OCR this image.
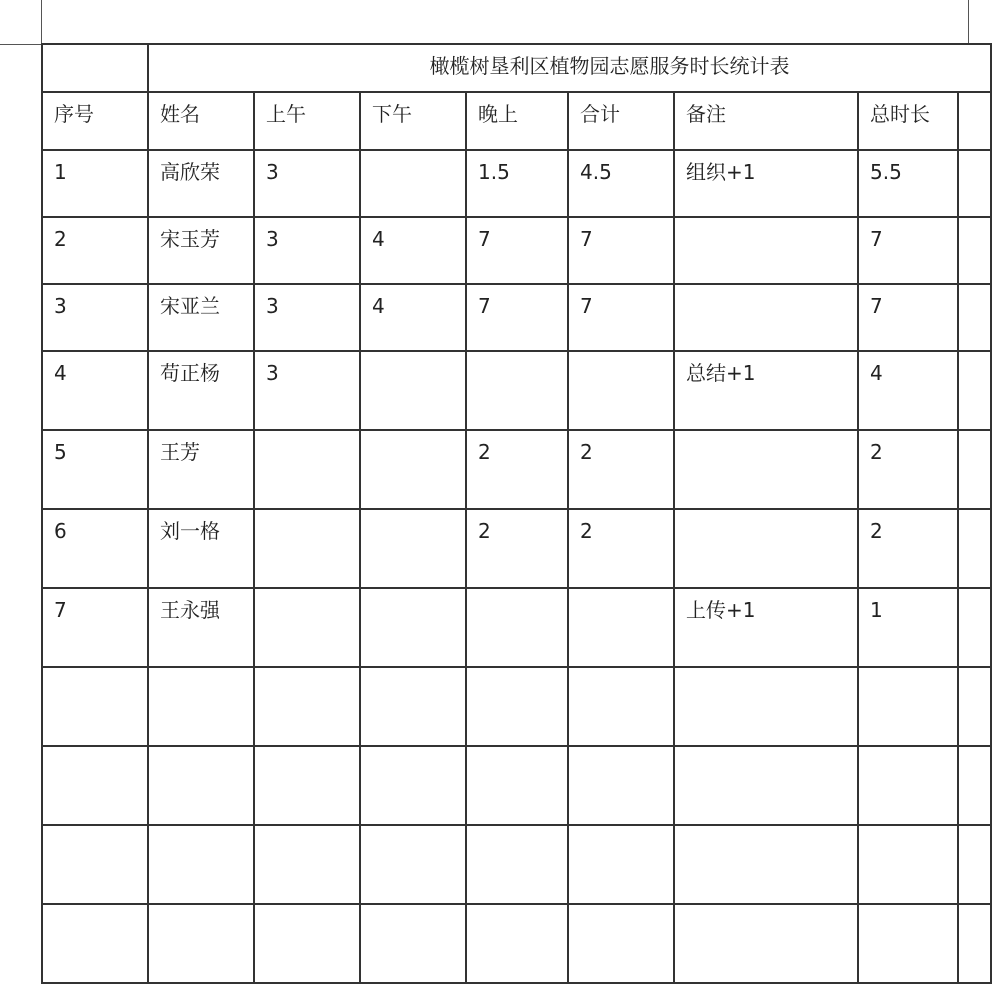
	橄榄树垦利区植物园志愿服务时长统计表							

序号	姓名	上午	下午	晚上	合计	备注	总时长	

1	高欣荣	3		1.5	4.5	组织+1	5.5	

2	宋玉芳	3	4	7	7		7	

3	宋亚兰	3	4	7	7		7	

4	苟正杨	3				总结+1	4	

5	王芳			2	2		2	

6	刘一格			2	2		2	

7	王永强					上传+1	1	
